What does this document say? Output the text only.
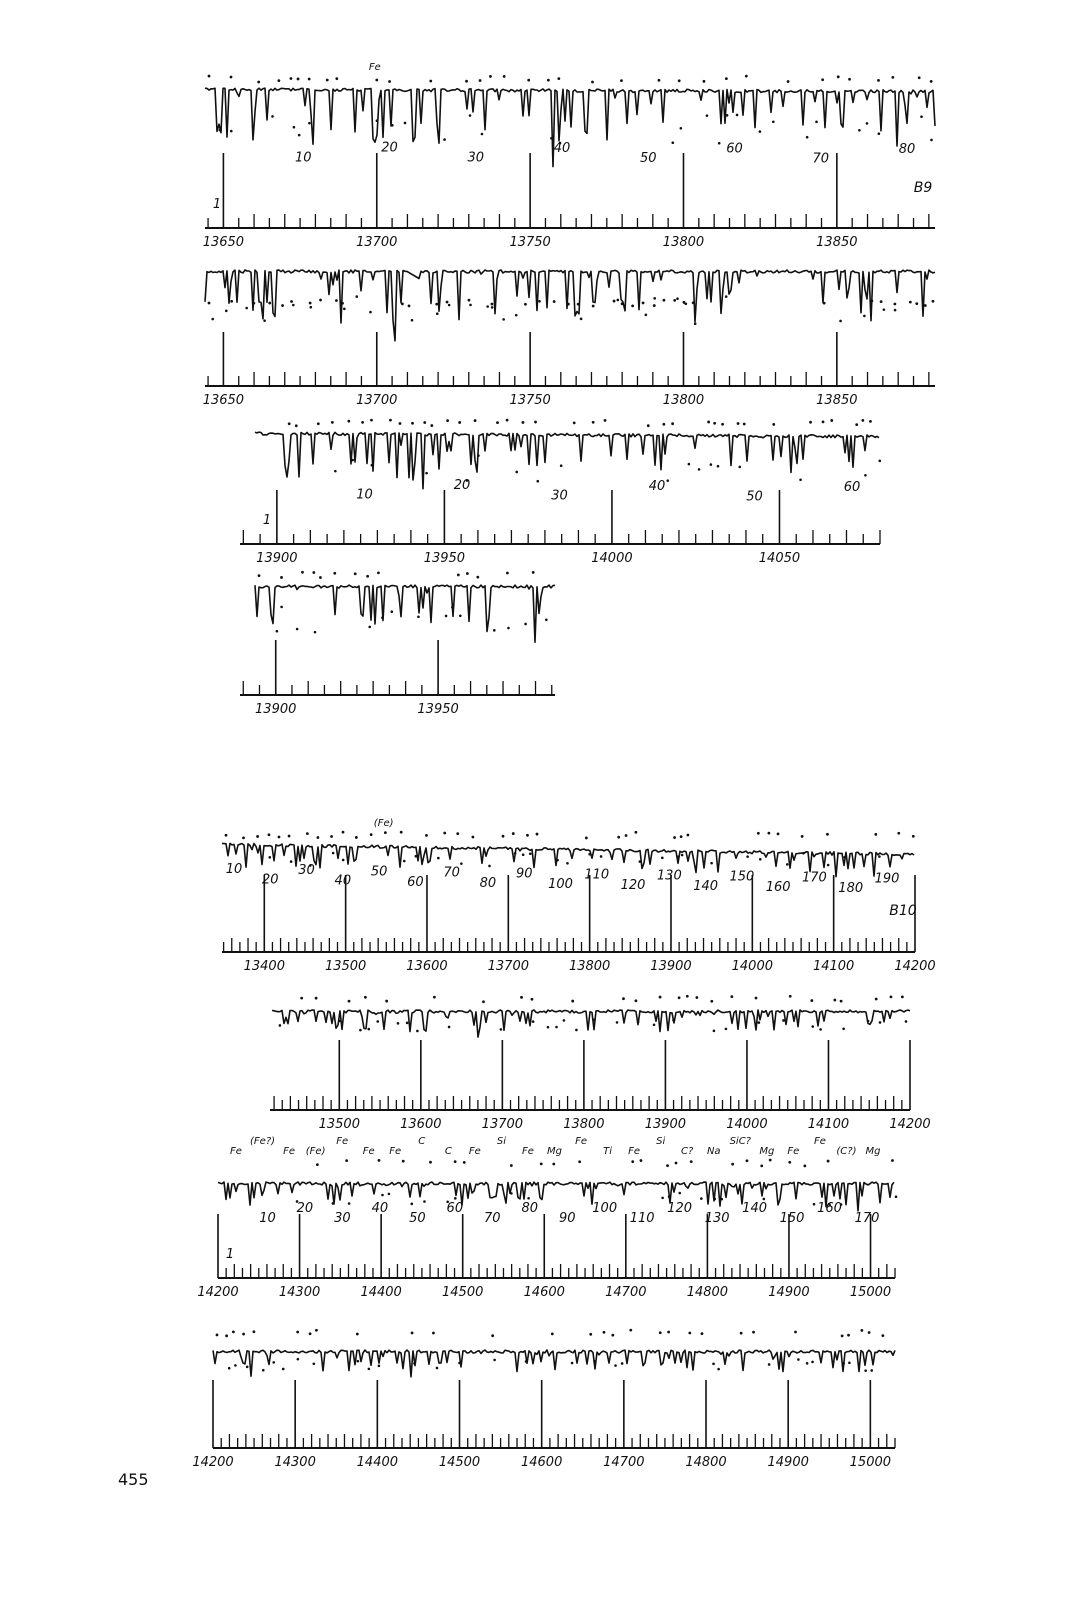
13650	13700	13750	13800	13850
1
10
20
30
40
50
60
70
80
Fe
B9
13650	13700	13750	13800	13850
13900	13950	14000	14050
1
10
20
30
40
50
60
13900	13950
13400	13500	13600	13700	13800	13900	14000	14100	14200
10
20
30
40
50
60
70
80
90
100
110
120
130
140
150
160
170
180
190
(Fe)
B10
13500	13600	13700	13800	13900	14000	14100	14200
14200	14300	14400	14500	14600	14700	14800	14900	15000
1
10
20
30
40
50
60
70
80
90
100
110
120
130
140
150
160
170
Fe
(Fe?)
Fe (Fe)
Fe
Fe Fe
C
C Fe
Si
Fe Mg
Fe
Ti Fe
Si
C? Na
SiC?
Mg Fe
Fe
(C?) Mg
14200	14300	14400	14500	14600	14700	14800	14900	15000
455
